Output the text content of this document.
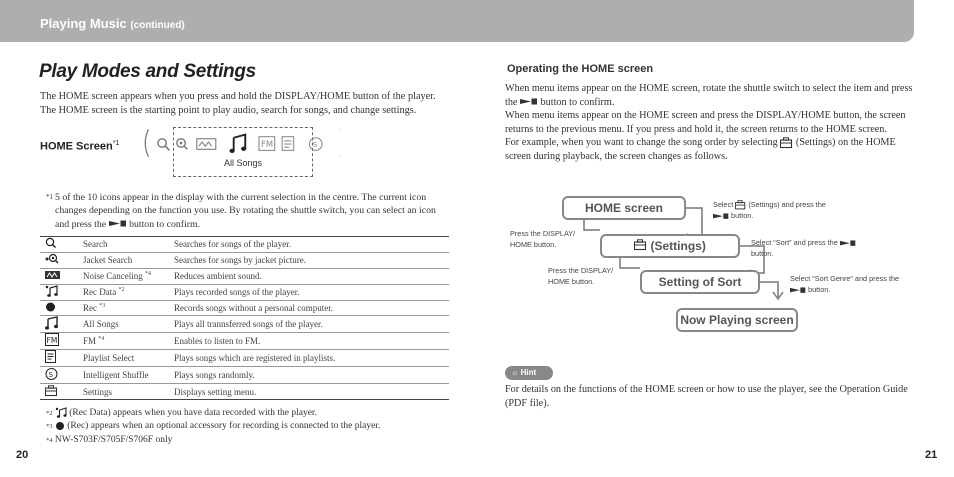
Playing Music (continued)
Play Modes and Settings
The HOME screen appears when you press and hold the DISPLAY/HOME button of the player. The HOME screen is the starting point to play audio, search for songs, and change settings.
HOME Screen$^{*1}$	FM	S
All Songs
*1 5 of the 10 icons appear in the display with the current selection in the centre. The current icon changes depending on the function you use. By rotating the shuttle switch, you can select an icon and press the button to confirm.
	Search	Searches for songs of the player.
	Jacket Search	Searches for songs by jacket picture.
	Noise Canceling $^{*4}$	Reduces ambient sound.
	Rec Data $^{*2}$	Plays recorded songs of the player.
	Rec $^{*3}$	Records songs without a personal computer.
	All Songs	Plays all trannsferred songs of the player.

FM	FM $^{*4}$	Enables to listen to FM.
	Playlist Select	Plays songs which are registered in playlists.

S	Intelligent Shuffle	Plays songs randomly.
	Settings	Displays setting menu.
*2 (Rec Data) appears when you have data recorded with the player.
*3 (Rec) appears when an optional accessory for recording is connected to the player.
*4 NW-S703F/S705F/S706F only
20
Operating the HOME screen
When menu items appear on the HOME screen, rotate the shuttle switch to select the item and press the button to confirm.
When menu items appear on the HOME screen and press the DISPLAY/HOME button, the screen returns to the previous menu. If you press and hold it, the screen returns to the HOME screen.
For example, when you want to change the song order by selecting (Settings) on the HOME screen during playback, the screen changes as follows.
HOME screen
(Settings)
Setting of Sort
Now Playing screen
Select (Settings) and press the  button.
Select “Sort” and press the  button.
Select “Sort Genre” and press the  button.
Press the DISPLAY/ HOME button.
Press the DISPLAY/ HOME button.
☼ Hint
For details on the functions of the HOME screen or how to use the player, see the Operation Guide (PDF file).
21
